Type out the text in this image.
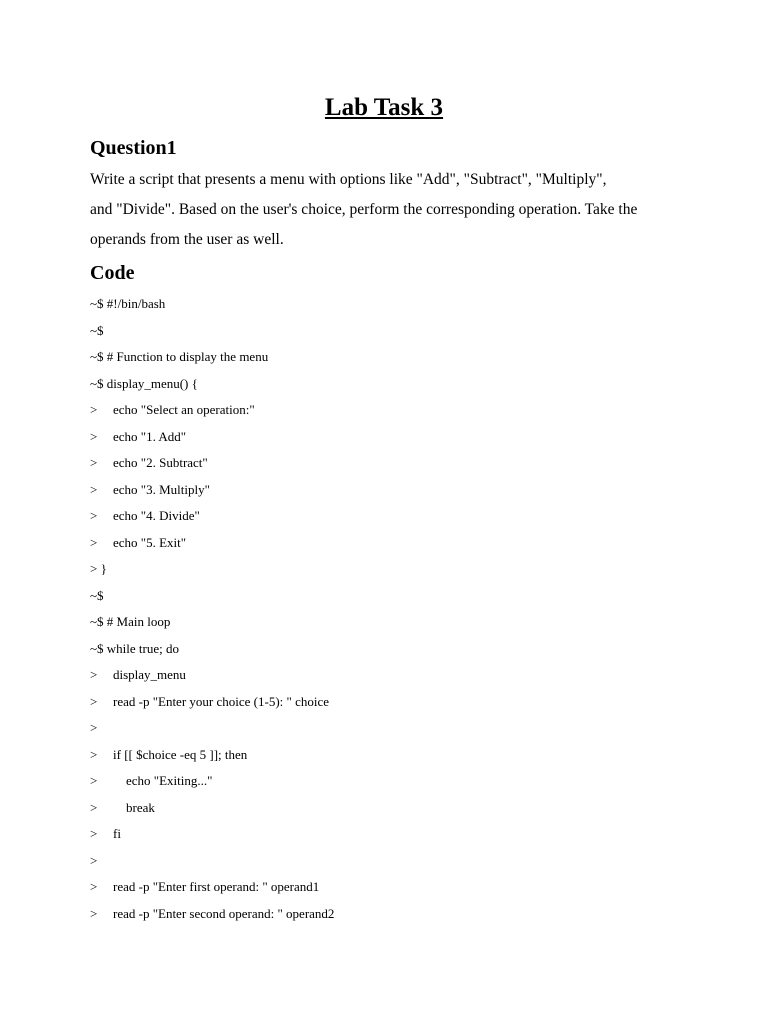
Lab Task 3
Question1
Write a script that presents a menu with options like "Add", "Subtract", "Multiply",
and "Divide". Based on the user's choice, perform the corresponding operation. Take the
operands from the user as well.
Code
~$ #!/bin/bash
~$
~$ # Function to display the menu
~$ display_menu() {
> echo "Select an operation:"
> echo "1. Add"
> echo "2. Subtract"
> echo "3. Multiply"
> echo "4. Divide"
> echo "5. Exit"
> }
~$
~$ # Main loop
~$ while true; do
> display_menu
> read -p "Enter your choice (1-5): " choice
>
> if [[ $choice -eq 5 ]]; then
>    echo "Exiting..."
>    break
> fi
>
> read -p "Enter first operand: " operand1
> read -p "Enter second operand: " operand2
